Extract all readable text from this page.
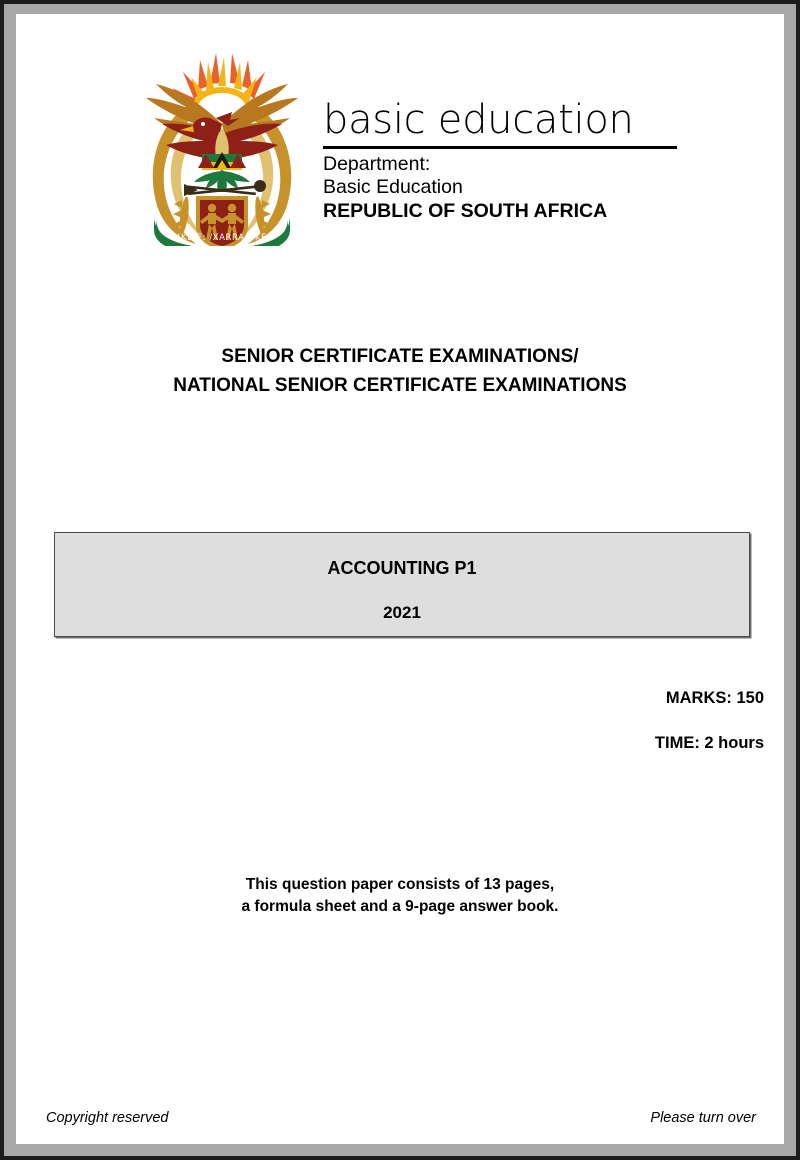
!KE E: /XARRA //KE
basic education
Department:
Basic Education
REPUBLIC OF SOUTH AFRICA
SENIOR CERTIFICATE EXAMINATIONS/
NATIONAL SENIOR CERTIFICATE EXAMINATIONS
ACCOUNTING P1
2021
MARKS: 150
TIME: 2 hours
This question paper consists of 13 pages,
a formula sheet and a 9-page answer book.
Copyright reserved	Please turn over
